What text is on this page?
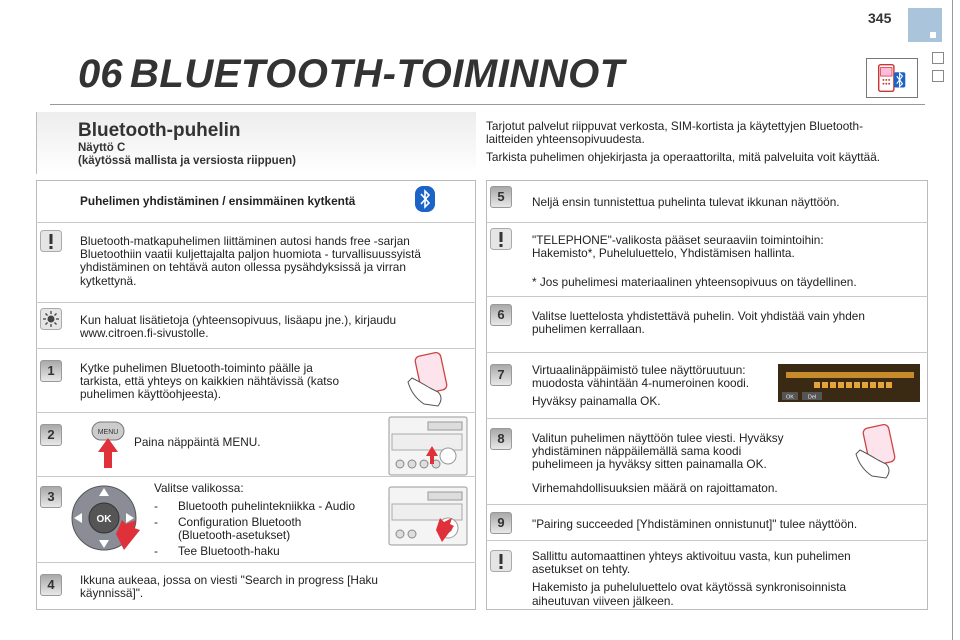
345
06 BLUETOOTH-TOIMINNOT
Bluetooth-puhelin
Näyttö C
(käytössä mallista ja versiosta riippuen)
Tarjotut palvelut riippuvat verkosta, SIM-kortista ja käytettyjen Bluetooth-
laitteiden yhteensopivuudesta.
Tarkista puhelimen ohjekirjasta ja operaattorilta, mitä palveluita voit käyttää.
Puhelimen yhdistäminen / ensimmäinen kytkentä
Bluetooth-matkapuhelimen liittäminen autosi hands free -sarjan
Bluetoothiin vaatii kuljettajalta paljon huomiota - turvallisuussyistä
yhdistäminen on tehtävä auton ollessa pysähdyksissä ja virran
kytkettynä.
Kun haluat lisätietoja (yhteensopivuus, lisäapu jne.), kirjaudu
www.citroen.fi-sivustolle.
1	Kytke puhelimen Bluetooth-toiminto päälle ja
tarkista, että yhteys on kaikkien nähtävissä (katso
puhelimen käyttöohjeesta).
2	MENU
Paina näppäintä MENU.
3
OK
Valitse valikossa:
- Bluetooth puhelintekniikka - Audio
- Configuration Bluetooth
(Bluetooth-asetukset)
- Tee Bluetooth-haku
4	Ikkuna aukeaa, jossa on viesti "Search in progress [Haku
käynnissä]".
5	Neljä ensin tunnistettua puhelinta tulevat ikkunan näyttöön.
"TELEPHONE"-valikosta pääset seuraaviin toimintoihin:
Hakemisto*, Puheluluettelo, Yhdistämisen hallinta.
* Jos puhelimesi materiaalinen yhteensopivuus on täydellinen.
6	Valitse luettelosta yhdistettävä puhelin. Voit yhdistää vain yhden
puhelimen kerrallaan.
7	Virtuaalinäppäimistö tulee näyttöruutuun:
muodosta vähintään 4-numeroinen koodi.
Hyväksy painamalla OK.	OK	Del
8	Valitun puhelimen näyttöön tulee viesti. Hyväksy
yhdistäminen näppäilemällä sama koodi
puhelimeen ja hyväksy sitten painamalla OK.
Virhemahdollisuuksien määrä on rajoittamaton.
9	"Pairing succeeded [Yhdistäminen onnistunut]" tulee näyttöön.
Sallittu automaattinen yhteys aktivoituu vasta, kun puhelimen
asetukset on tehty.
Hakemisto ja puheluluettelo ovat käytössä synkronisoinnista
aiheutuvan viiveen jälkeen.
